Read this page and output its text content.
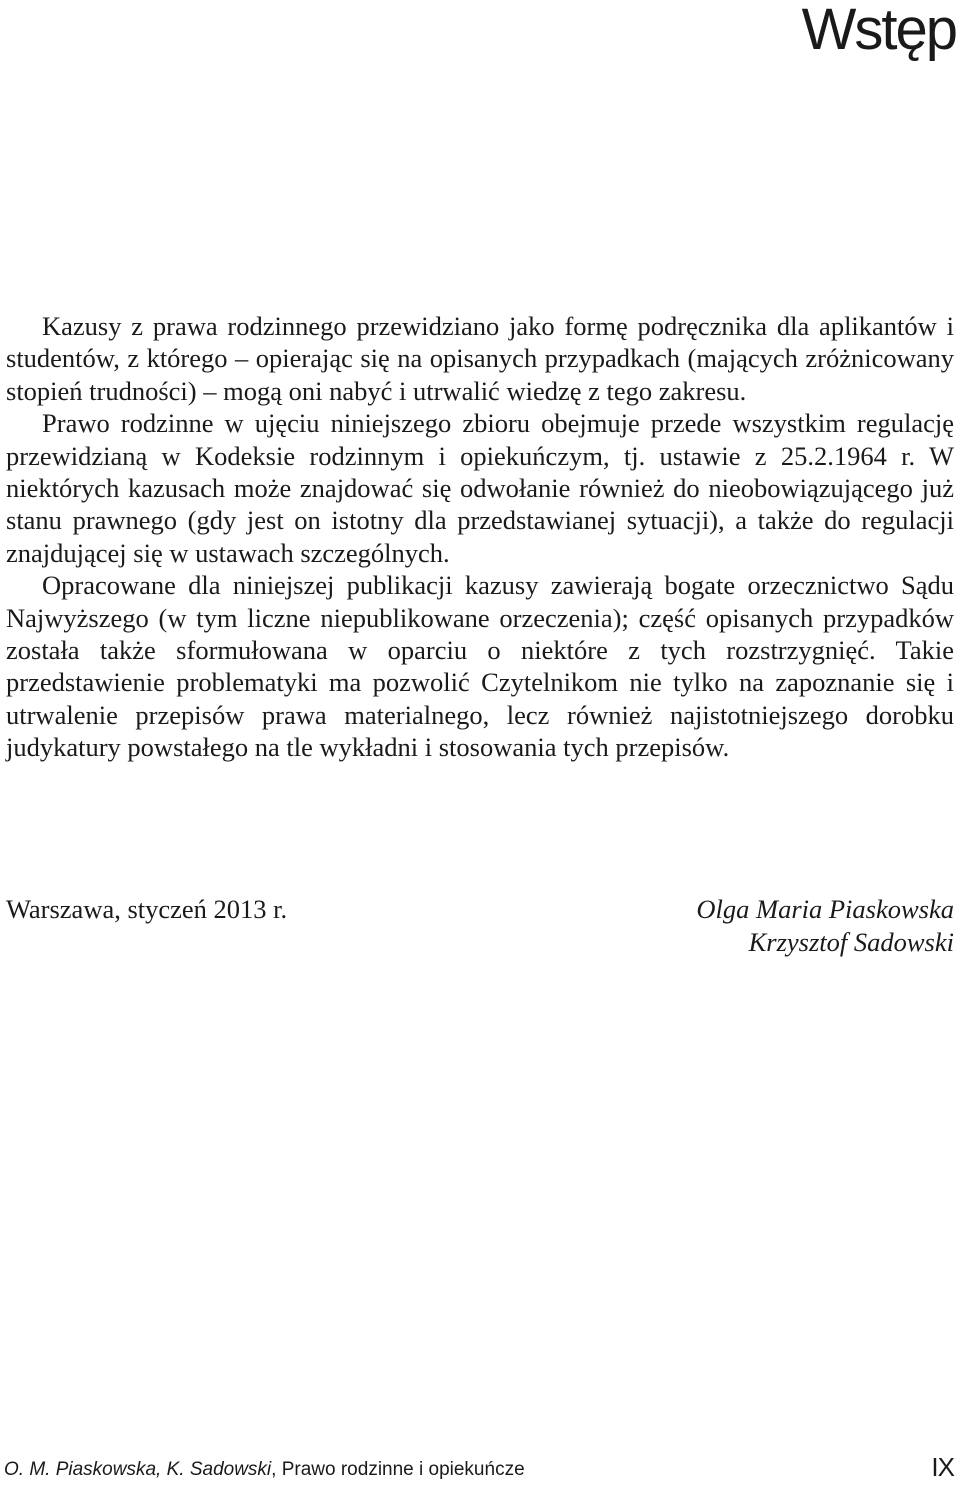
Wstęp

Kazusy z prawa rodzinnego przewidziano jako formę podręcznika dla aplikantów i studentów, z którego – opierając się na opisanych przypadkach (mających zróżnicowany stopień trudności) – mogą oni nabyć i utrwalić wiedzę z tego zakresu.

Prawo rodzinne w ujęciu niniejszego zbioru obejmuje przede wszystkim regulację przewidzianą w Kodeksie rodzinnym i opiekuńczym, tj. ustawie z 25.2.1964 r. W niektórych kazusach może znajdować się odwołanie również do nieobowiązującego już stanu prawnego (gdy jest on istotny dla przedstawianej sytuacji), a także do regulacji znajdującej się w ustawach szczególnych.

Opracowane dla niniejszej publikacji kazusy zawierają bogate orzecznictwo Sądu Najwyższego (w tym liczne niepublikowane orzeczenia); część opisanych przypadków została także sformułowana w oparciu o niektóre z tych rozstrzygnięć. Takie przedstawienie problematyki ma pozwolić Czytelnikom nie tylko na zapoznanie się i utrwalenie przepisów prawa materialnego, lecz również najistotniejszego dorobku judykatury powstałego na tle wykładni i stosowania tych przepisów.

Warszawa, styczeń 2013 r.	Olga Maria Piaskowska
Krzysztof Sadowski
O. M. Piaskowska, K. Sadowski, Prawo rodzinne i opiekuńcze	IX
